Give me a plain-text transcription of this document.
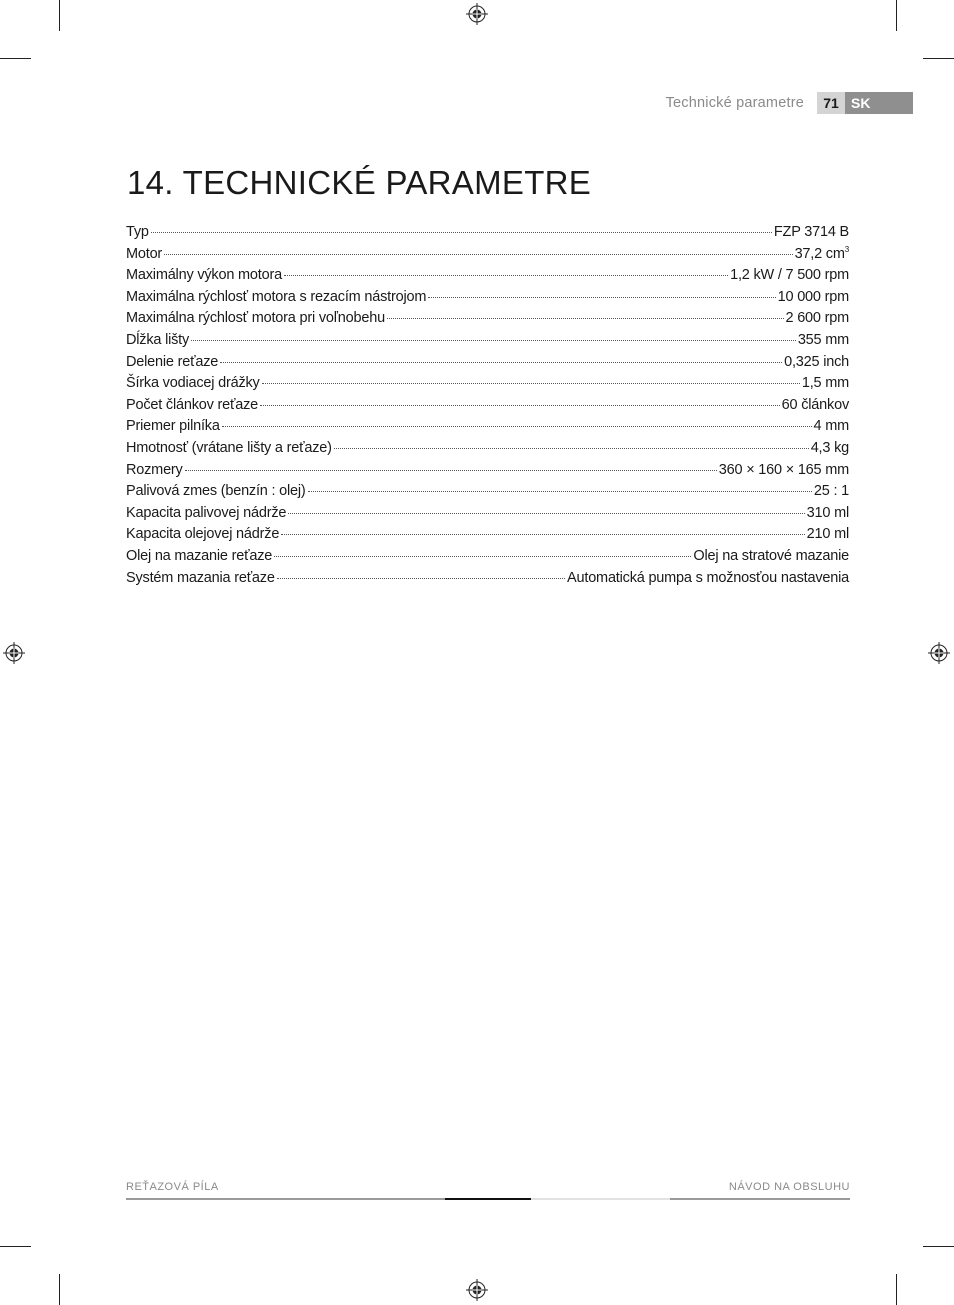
Technické parametre	71 SK
14. TECHNICKÉ PARAMETRE
Typ	FZP 3714 B
Motor	37,2 $cm^3$
Maximálny výkon motora	1,2 kW / 7 500 rpm
Maximálna rýchlosť motora s rezacím nástrojom	10 000 rpm
Maximálna rýchlosť motora pri voľnobehu	2 600 rpm
Dĺžka lišty	355 mm
Delenie reťaze	0,325 inch
Šírka vodiacej drážky	1,5 mm
Počet článkov reťaze	60 článkov
Priemer pilníka	4 mm
Hmotnosť (vrátane lišty a reťaze)	4,3 kg
Rozmery	360 × 160 × 165 mm
Palivová zmes (benzín : olej)	25 : 1
Kapacita palivovej nádrže	310 ml
Kapacita olejovej nádrže	210 ml
Olej na mazanie reťaze	Olej na stratové mazanie
Systém mazania reťaze	Automatická pumpa s možnosťou nastavenia
REŤAZOVÁ PÍLA	NÁVOD NA OBSLUHU
